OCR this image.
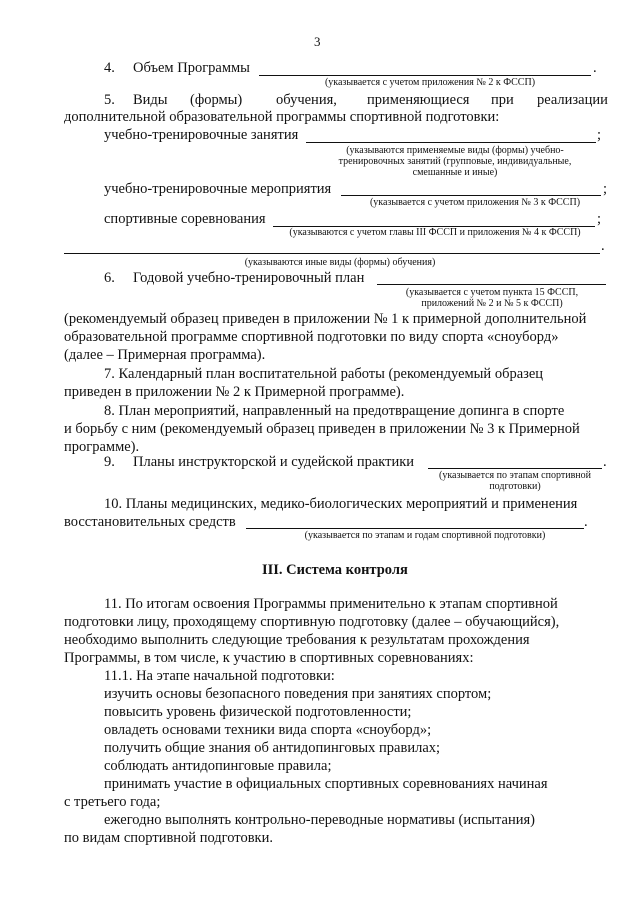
3
4. Объем Программы	.
(указывается с учетом приложения № 2 к ФССП)
5. Виды (формы) обучения, применяющиеся при реализации
дополнительной образовательной программы спортивной подготовки:
учебно-тренировочные занятия	;
(указываются применяемые виды (формы) учебно-
тренировочных занятий (групповые, индивидуальные,
смешанные и иные)
учебно-тренировочные мероприятия	;
(указывается с учетом приложения № 3 к ФССП)
спортивные соревнования	;
(указываются с учетом главы III ФССП и приложения № 4 к ФССП)
.
(указываются иные виды (формы) обучения)
6. Годовой учебно-тренировочный план
(указывается с учетом пункта 15 ФССП,
приложений № 2 и № 5 к ФССП)
(рекомендуемый образец приведен в приложении № 1 к примерной дополнительной
образовательной программе спортивной подготовки по виду спорта «сноуборд»
(далее – Примерная программа).
7. Календарный план воспитательной работы (рекомендуемый образец
приведен в приложении № 2 к Примерной программе).
8. План мероприятий, направленный на предотвращение допинга в спорте
и борьбу с ним (рекомендуемый образец приведен в приложении № 3 к Примерной
программе).
9. Планы инструкторской и судейской практики	.
(указывается по этапам спортивной
подготовки)
10. Планы медицинских, медико-биологических мероприятий и применения
восстановительных средств	.
(указывается по этапам и годам спортивной подготовки)
III. Система контроля
11. По итогам освоения Программы применительно к этапам спортивной
подготовки лицу, проходящему спортивную подготовку (далее – обучающийся),
необходимо выполнить следующие требования к результатам прохождения
Программы, в том числе, к участию в спортивных соревнованиях:
11.1. На этапе начальной подготовки:
изучить основы безопасного поведения при занятиях спортом;
повысить уровень физической подготовленности;
овладеть основами техники вида спорта «сноуборд»;
получить общие знания об антидопинговых правилах;
соблюдать антидопинговые правила;
принимать участие в официальных спортивных соревнованиях начиная
с третьего года;
ежегодно выполнять контрольно-переводные нормативы (испытания)
по видам спортивной подготовки.
